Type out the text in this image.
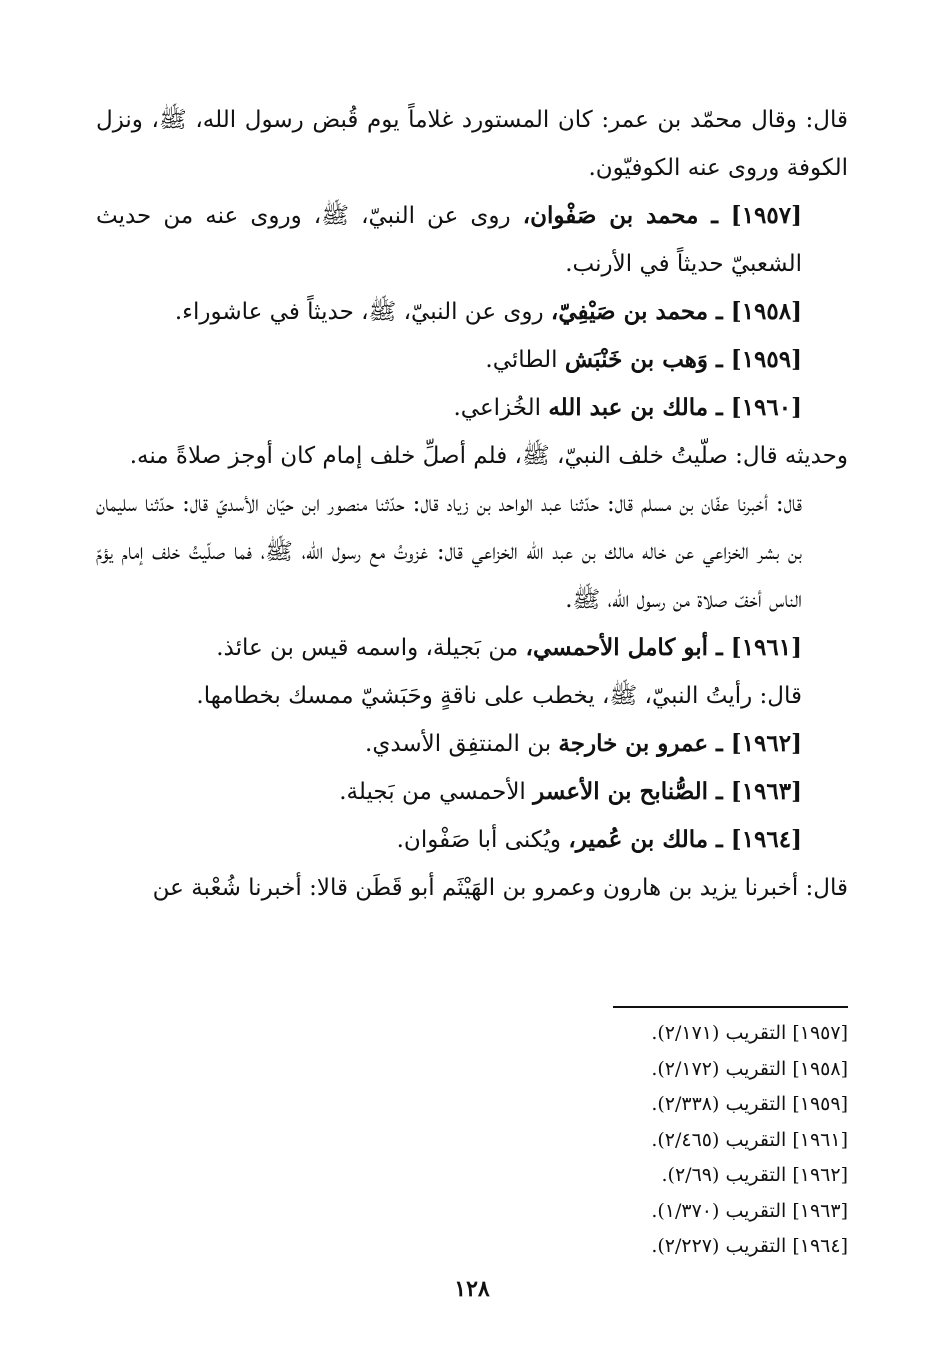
قال: وقال محمّد بن عمر: كان المستورد غلاماً يوم قُبض رسول الله، ﷺ، ونزل الكوفة وروى عنه الكوفيّون.

[١٩٥٧] ـ محمد بن صَفْوان، روى عن النبيّ، ﷺ، وروى عنه من حديث الشعبيّ حديثاً في الأرنب.

[١٩٥٨] ـ محمد بن صَيْفِيّ، روى عن النبيّ، ﷺ، حديثاً في عاشوراء.

[١٩٥٩] ـ وَهب بن خَنْبَش الطائي.

[١٩٦٠] ـ مالك بن عبد الله الخُزاعي.

وحديثه قال: صلّيتُ خلف النبيّ، ﷺ، فلم أصلِّ خلف إمام كان أوجز صلاةً منه.

قال: أخبرنا عفّان بن مسلم قال: حدّثنا عبد الواحد بن زياد قال: حدّثنا منصور ابن حيّان الأسديّ قال: حدّثنا سليمان بن بشر الخزاعي عن خاله مالك بن عبد الله الخزاعي قال: غزوتُ مع رسول الله، ﷺ، فما صلّيتُ خلف إمام يؤمّ الناس أخفّ صلاة من رسول الله، ﷺ.

[١٩٦١] ـ أبو كامل الأحمسي، من بَجيلة، واسمه قيس بن عائذ.

قال: رأيتُ النبيّ، ﷺ، يخطب على ناقةٍ وحَبَشيّ ممسك بخطامها.

[١٩٦٢] ـ عمرو بن خارجة بن المنتفِق الأسدي.

[١٩٦٣] ـ الصُّنابح بن الأعسر الأحمسي من بَجيلة.

[١٩٦٤] ـ مالك بن عُمير، ويُكنى أبا صَفْوان.

قال: أخبرنا يزيد بن هارون وعمرو بن الهَيْثَم أبو قَطَن قالا: أخبرنا شُعْبة عن

[١٩٥٧] التقريب (٢/١٧١).

[١٩٥٨] التقريب (٢/١٧٢).

[١٩٥٩] التقريب (٢/٣٣٨).

[١٩٦١] التقريب (٢/٤٦٥).

[١٩٦٢] التقريب (٢/٦٩).

[١٩٦٣] التقريب (١/٣٧٠).

[١٩٦٤] التقريب (٢/٢٢٧).

١٢٨
